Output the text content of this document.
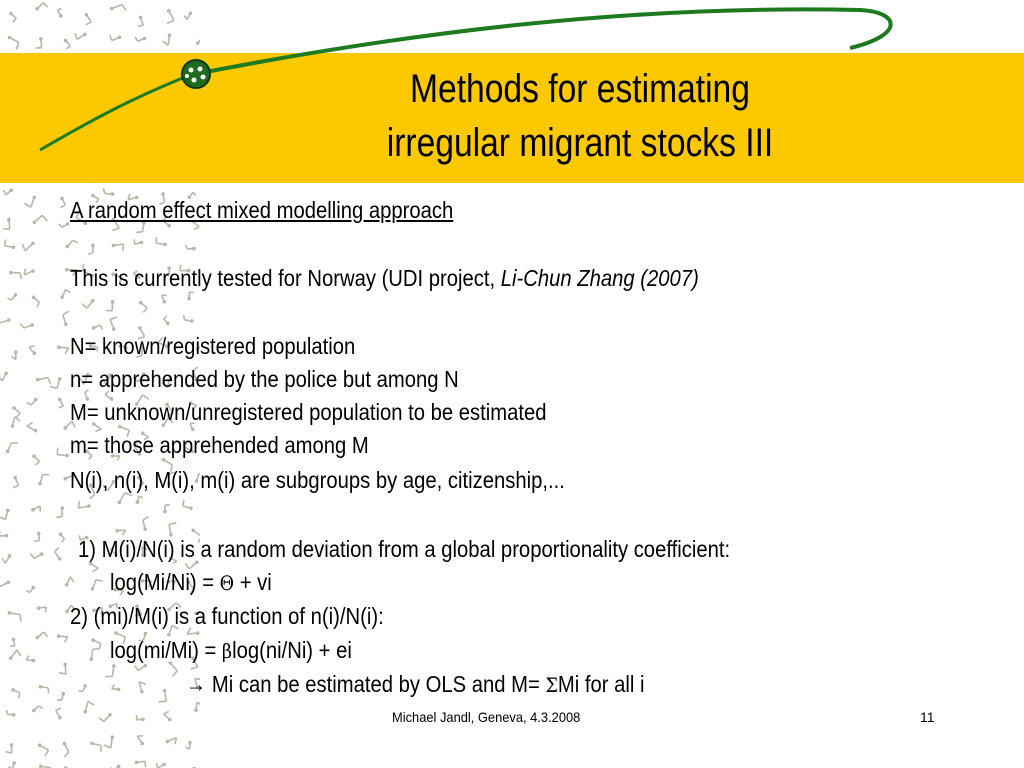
Methods for estimating
irregular migrant stocks III
A random effect mixed modelling approach
This is currently tested for Norway (UDI project, Li-Chun Zhang (2007)
N= known/registered population
n= apprehended by the police but among N
M= unknown/unregistered population to be estimated
m= those apprehended among M
N(i), n(i), M(i), m(i) are subgroups by age, citizenship,...
1) M(i)/N(i) is a random deviation from a global proportionality coefficient:
log(Mi/Ni) = Θ + vi
2) (mi)/M(i) is a function of n(i)/N(i):
log(mi/Mi) = βlog(ni/Ni) + ei
→ Mi can be estimated by OLS and M= ΣMi for all i
Michael Jandl, Geneva, 4.3.2008	11
